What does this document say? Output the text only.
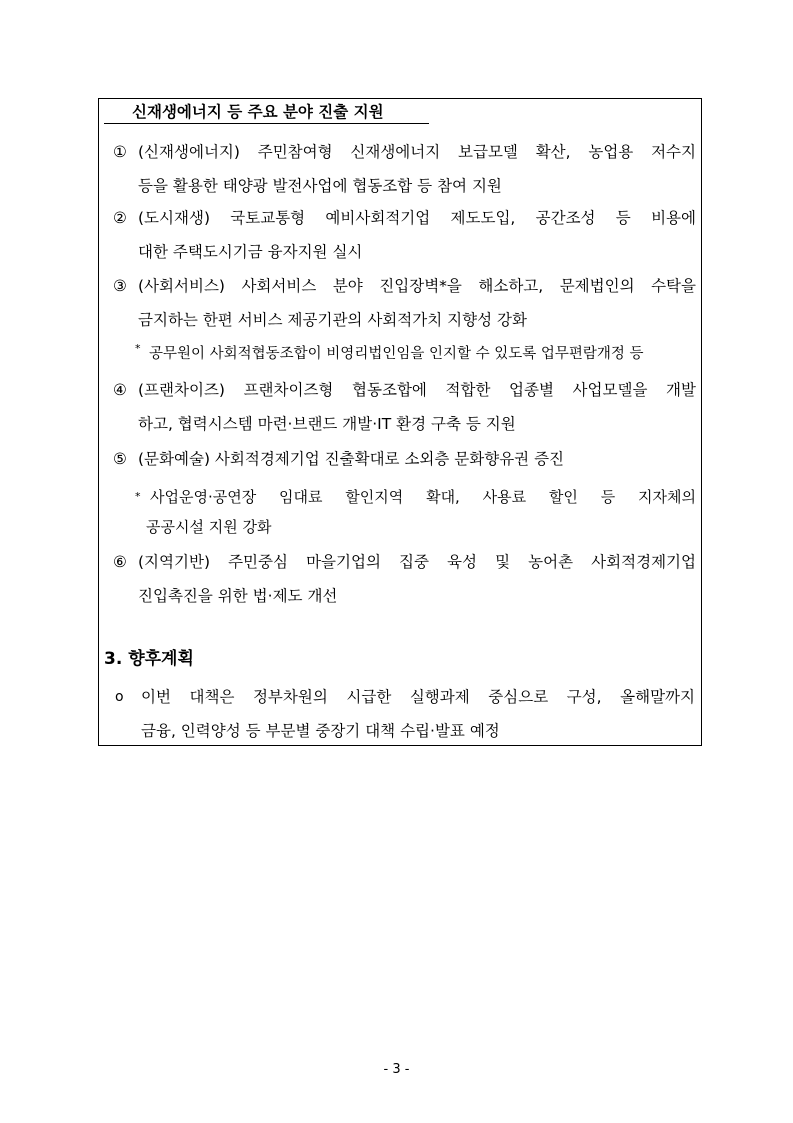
신재생에너지 등 주요 분야 진출 지원
① (신재생에너지) 주민참여형 신재생에너지 보급모델 확산, 농업용 저수지
등을 활용한 태양광 발전사업에 협동조합 등 참여 지원
② (도시재생) 국토교통형 예비사회적기업 제도도입, 공간조성 등 비용에
대한 주택도시기금 융자지원 실시
③ (사회서비스) 사회서비스 분야 진입장벽*을 해소하고, 문제법인의 수탁을
금지하는 한편 서비스 제공기관의 사회적가치 지향성 강화
* 공무원이 사회적협동조합이 비영리법인임을 인지할 수 있도록 업무편람개정 등
④ (프랜차이즈) 프랜차이즈형 협동조합에 적합한 업종별 사업모델을 개발
하고, 협력시스템 마련·브랜드 개발·IT 환경 구축 등 지원
⑤ (문화예술) 사회적경제기업 진출확대로 소외층 문화향유권 증진
* 사업운영·공연장 임대료 할인지역 확대, 사용료 할인 등 지자체의
공공시설 지원 강화
⑥ (지역기반) 주민중심 마을기업의 집중 육성 및 농어촌 사회적경제기업
진입촉진을 위한 법·제도 개선
3. 향후계획
ο	이번 대책은 정부차원의 시급한 실행과제 중심으로 구성, 올해말까지
금융, 인력양성 등 부문별 중장기 대책 수립·발표 예정
- 3 -
